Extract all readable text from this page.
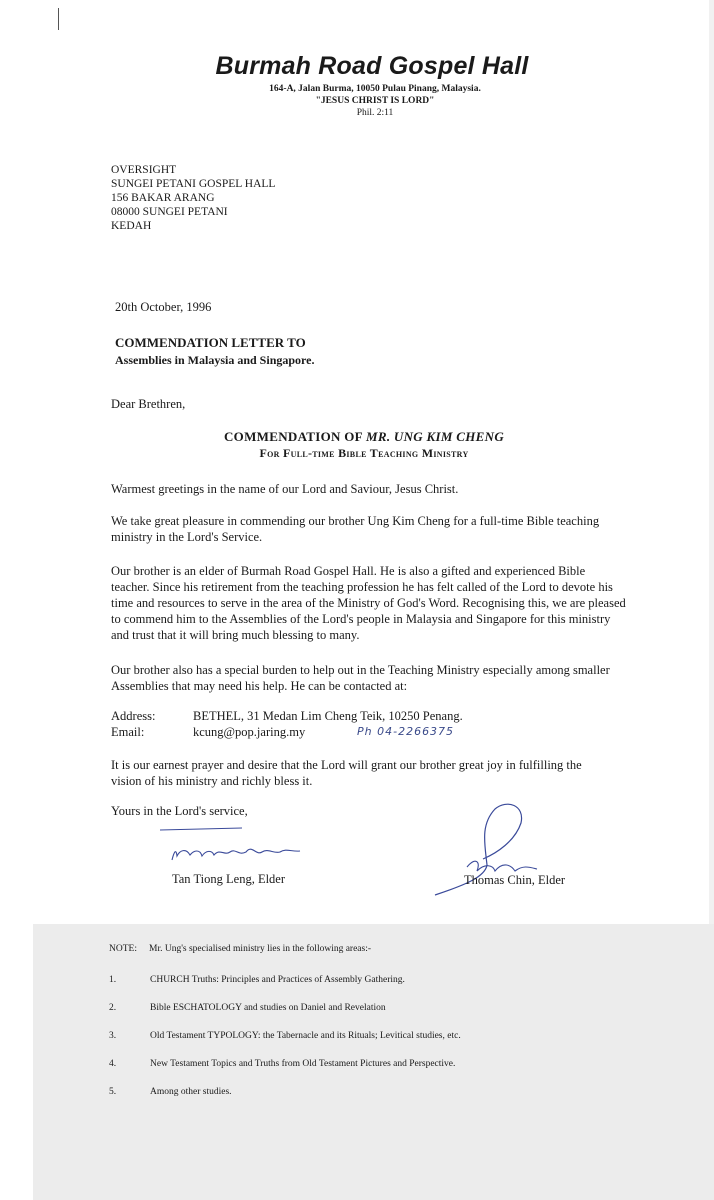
Burmah Road Gospel Hall
164-A, Jalan Burma, 10050 Pulau Pinang, Malaysia.
"JESUS CHRIST IS LORD"
Phil. 2:11
OVERSIGHT
SUNGEI PETANI GOSPEL HALL
156 BAKAR ARANG
08000 SUNGEI PETANI
KEDAH
20th October, 1996
COMMENDATION LETTER TO
Assemblies in Malaysia and Singapore.
Dear Brethren,
COMMENDATION OF MR. UNG KIM CHENG
For Full-time Bible Teaching Ministry
Warmest greetings in the name of our Lord and Saviour, Jesus Christ.
We take great pleasure in commending our brother Ung Kim Cheng for a full-time Bible teaching ministry in the Lord's Service.
Our brother is an elder of Burmah Road Gospel Hall. He is also a gifted and experienced Bible teacher. Since his retirement from the teaching profession he has felt called of the Lord to devote his time and resources to serve in the area of the Ministry of God's Word. Recognising this, we are pleased to commend him to the Assemblies of the Lord's people in Malaysia and Singapore for this ministry and trust that it will bring much blessing to many.
Our brother also has a special burden to help out in the Teaching Ministry especially among smaller Assemblies that may need his help. He can be contacted at:
Address:	BETHEL, 31 Medan Lim Cheng Teik, 10250 Penang.
Email:	kcung@pop.jaring.my	Ph 04-2266375
It is our earnest prayer and desire that the Lord will grant our brother great joy in fulfilling the vision of his ministry and richly bless it.
Yours in the Lord's service,
Tan Tiong Leng, Elder	Thomas Chin, Elder
NOTE: Mr. Ung's specialised ministry lies in the following areas:-
1.	CHURCH Truths: Principles and Practices of Assembly Gathering.
2.	Bible ESCHATOLOGY and studies on Daniel and Revelation
3.	Old Testament TYPOLOGY: the Tabernacle and its Rituals; Levitical studies, etc.
4.	New Testament Topics and Truths from Old Testament Pictures and Perspective.
5.	Among other studies.
